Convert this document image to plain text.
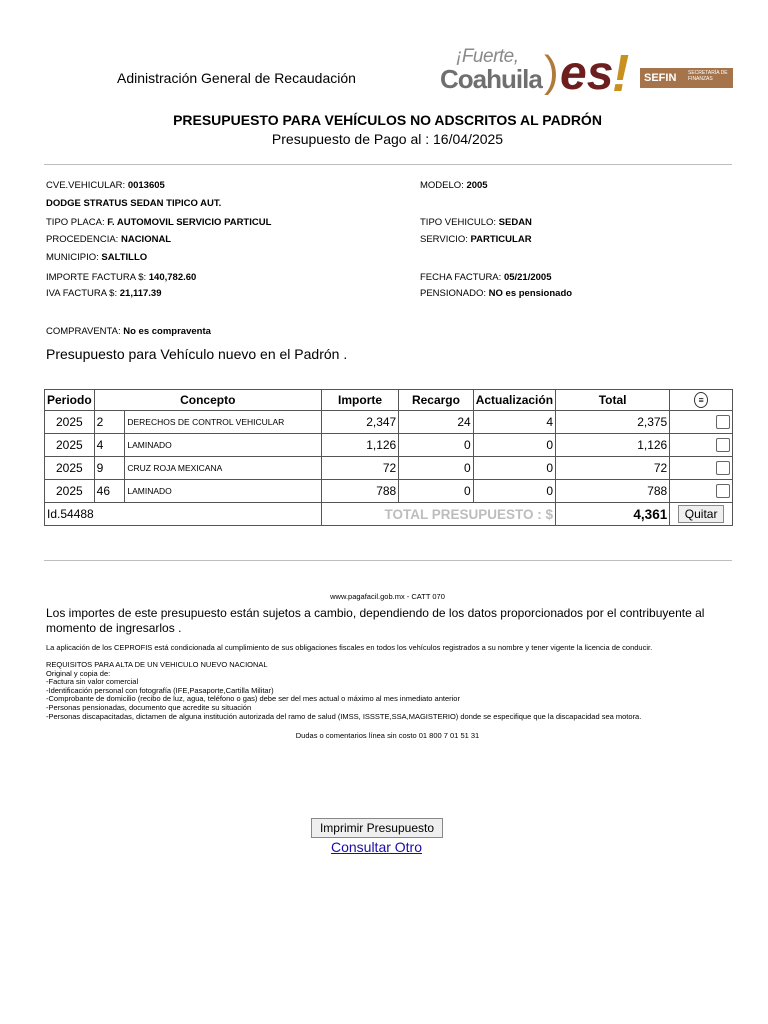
Adinistración General de Recaudación
¡Fuerte,
Coahuila ) es
!	SEFIN SECRETARÍA DE FINANZAS
PRESUPUESTO PARA VEHÍCULOS NO ADSCRITOS AL PADRÓN
Presupuesto de Pago al : 16/04/2025
CVE.VEHICULAR: 0013605	MODELO: 2005
DODGE STRATUS SEDAN TIPICO AUT.
TIPO PLACA: F. AUTOMOVIL SERVICIO PARTICUL	TIPO VEHICULO: SEDAN
PROCEDENCIA: NACIONAL	SERVICIO: PARTICULAR
MUNICIPIO: SALTILLO
IMPORTE FACTURA $: 140,782.60	FECHA FACTURA: 05/21/2005
IVA FACTURA $: 21,117.39	PENSIONADO: NO es pensionado
COMPRAVENTA: No es compraventa
Presupuesto para Vehículo nuevo en el Padrón .
Periodo	Concepto		Importe	Recargo	Actualización	Total	≡
2025	2	DERECHOS DE CONTROL VEHICULAR	2,347	24	4	2,375	
2025	4	LAMINADO	1,126	0	0	1,126	
2025	9	CRUZ ROJA MEXICANA	72	0	0	72	
2025	46	LAMINADO	788	0	0	788	
Id.54488			TOTAL PRESUPUESTO : $			4,361	Quitar
www.pagafacil.gob.mx - CATT 070
Los importes de este presupuesto están sujetos a cambio, dependiendo de los datos proporcionados por el contribuyente al momento de ingresarlos .
La aplicación de los CEPROFIS está condicionada al cumplimiento de sus obligaciones fiscales en todos los vehículos registrados a su nombre y tener vigente la licencia de conducir.
REQUISITOS PARA ALTA DE UN VEHICULO NUEVO NACIONAL
Original y copia de:
-Factura sin valor comercial
-Identificación personal con fotografía (IFE,Pasaporte,Cartilla Militar)
-Comprobante de domicilio (recibo de luz, agua, teléfono o gas) debe ser del mes actual o máximo al mes inmediato anterior
-Personas pensionadas, documento que acredite su situación
-Personas discapacitadas, dictamen de alguna institución autorizada del ramo de salud (IMSS, ISSSTE,SSA,MAGISTERIO) donde se especifique que la discapacidad sea motora.
Dudas o comentarios línea sin costo 01 800 7 01 51 31
Imprimir Presupuesto
Consultar Otro
